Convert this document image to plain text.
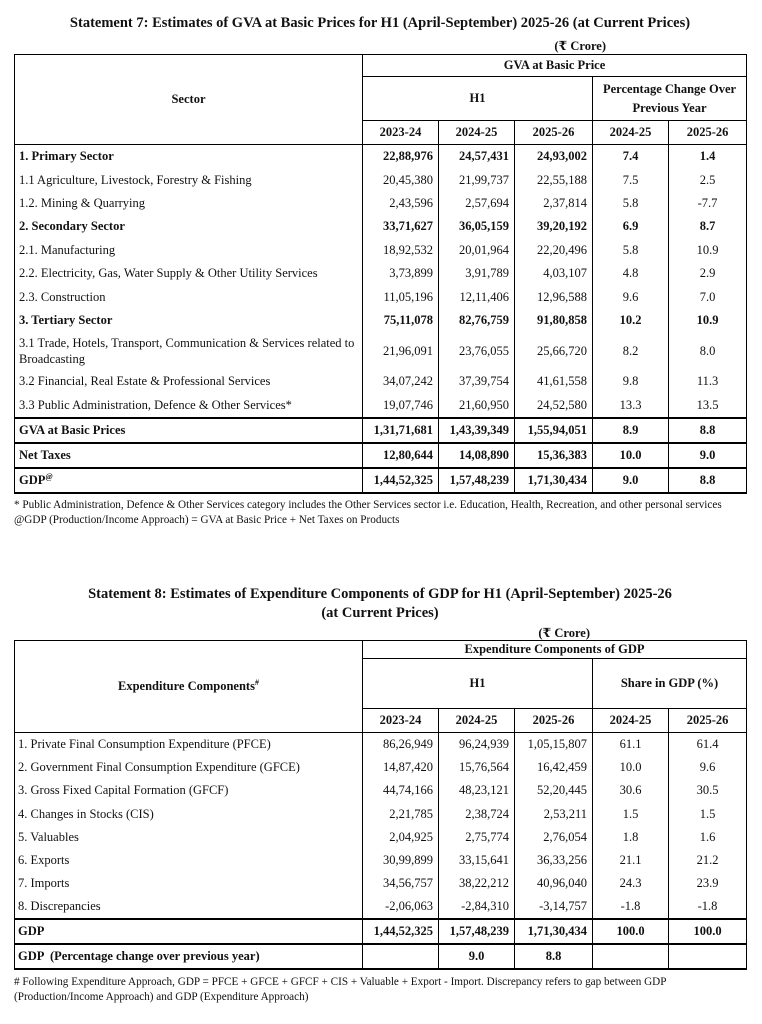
Statement 7: Estimates of GVA at Basic Prices for H1 (April-September) 2025-26 (at Current Prices)
(₹ Crore)
Sector	GVA at Basic Price				
	H1			Percentage Change Over Previous Year	
	2023-24	2024-25	2025-26	2024-25	2025-26
1. Primary Sector	22,88,976	24,57,431	24,93,002	7.4	1.4
1.1 Agriculture, Livestock, Forestry & Fishing	20,45,380	21,99,737	22,55,188	7.5	2.5
1.2. Mining & Quarrying	2,43,596	2,57,694	2,37,814	5.8	-7.7
2. Secondary Sector	33,71,627	36,05,159	39,20,192	6.9	8.7
2.1. Manufacturing	18,92,532	20,01,964	22,20,496	5.8	10.9
2.2. Electricity, Gas, Water Supply & Other Utility Services	3,73,899	3,91,789	4,03,107	4.8	2.9
2.3. Construction	11,05,196	12,11,406	12,96,588	9.6	7.0
3. Tertiary Sector	75,11,078	82,76,759	91,80,858	10.2	10.9
3.1 Trade, Hotels, Transport, Communication & Services related to Broadcasting	21,96,091	23,76,055	25,66,720	8.2	8.0
3.2 Financial, Real Estate & Professional Services	34,07,242	37,39,754	41,61,558	9.8	11.3
3.3 Public Administration, Defence & Other Services*	19,07,746	21,60,950	24,52,580	13.3	13.5
GVA at Basic Prices	1,31,71,681	1,43,39,349	1,55,94,051	8.9	8.8
Net Taxes	12,80,644	14,08,890	15,36,383	10.0	9.0
GDP@	1,44,52,325	1,57,48,239	1,71,30,434	9.0	8.8
* Public Administration, Defence & Other Services category includes the Other Services sector i.e. Education, Health, Recreation, and other personal services
@GDP (Production/Income Approach) = GVA at Basic Price + Net Taxes on Products
Statement 8: Estimates of Expenditure Components of GDP for H1 (April-September) 2025-26
(at Current Prices)
(₹ Crore)
Expenditure Components#	Expenditure Components of GDP				
	H1			Share in GDP (%)	
	2023-24	2024-25	2025-26	2024-25	2025-26
1. Private Final Consumption Expenditure (PFCE)	86,26,949	96,24,939	1,05,15,807	61.1	61.4
2. Government Final Consumption Expenditure (GFCE)	14,87,420	15,76,564	16,42,459	10.0	9.6
3. Gross Fixed Capital Formation (GFCF)	44,74,166	48,23,121	52,20,445	30.6	30.5
4. Changes in Stocks (CIS)	2,21,785	2,38,724	2,53,211	1.5	1.5
5. Valuables	2,04,925	2,75,774	2,76,054	1.8	1.6
6. Exports	30,99,899	33,15,641	36,33,256	21.1	21.2
7. Imports	34,56,757	38,22,212	40,96,040	24.3	23.9
8. Discrepancies	-2,06,063	-2,84,310	-3,14,757	-1.8	-1.8
GDP	1,44,52,325	1,57,48,239	1,71,30,434	100.0	100.0
GDP  (Percentage change over previous year)		9.0	8.8		
# Following Expenditure Approach, GDP = PFCE + GFCE + GFCF + CIS + Valuable + Export - Import. Discrepancy refers to gap between GDP (Production/Income Approach) and GDP (Expenditure Approach)
